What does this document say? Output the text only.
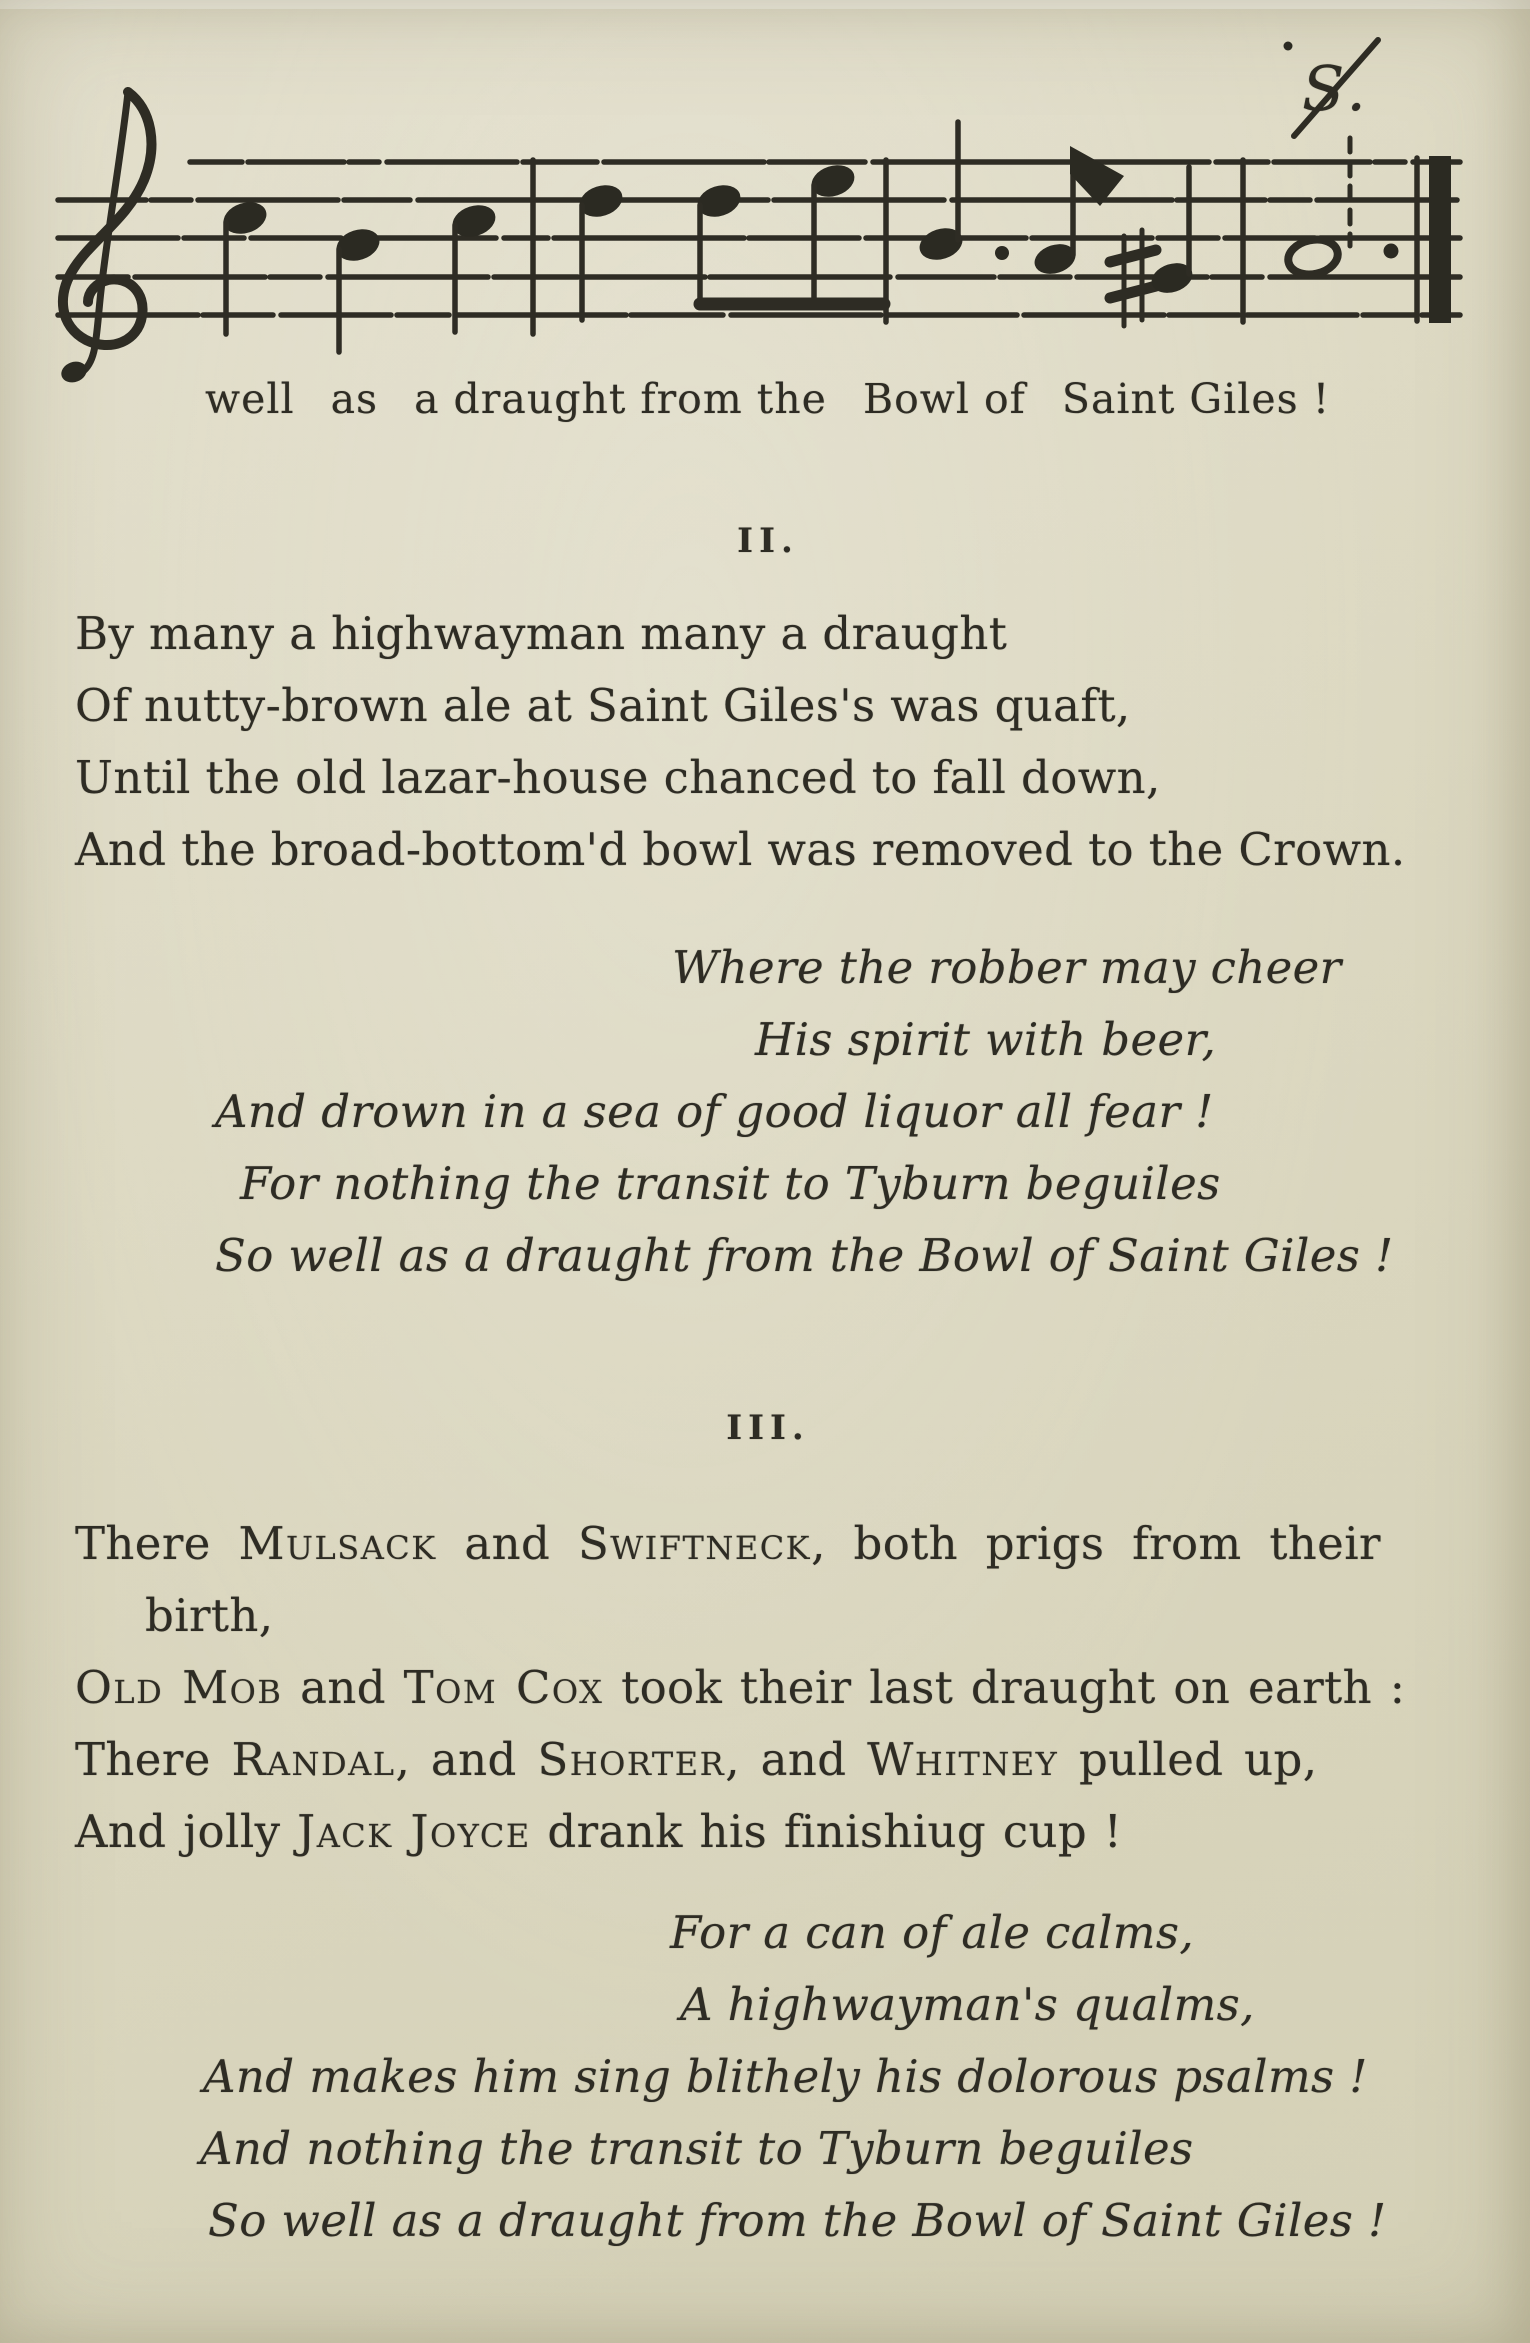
S.
well as a draught from the Bowl of Saint Giles !
II.
By many a highwayman many a draught
Of nutty-brown ale at Saint Giles's was quaft,
Until the old lazar-house chanced to fall down,
And the broad-bottom'd bowl was removed to the Crown.
Where the robber may cheer
His spirit with beer,
And drown in a sea of good liquor all fear !
For nothing the transit to Tyburn beguiles
So well as a draught from the Bowl of Saint Giles !
III.
There Mulsack and Swiftneck, both prigs from their
birth,
Old Mob and Tom Cox took their last draught on earth :
There Randal, and Shorter, and Whitney pulled up,
And jolly Jack Joyce drank his finishiug cup !
For a can of ale calms,
A highwayman's qualms,
And makes him sing blithely his dolorous psalms !
And nothing the transit to Tyburn beguiles
So well as a draught from the Bowl of Saint Giles !
